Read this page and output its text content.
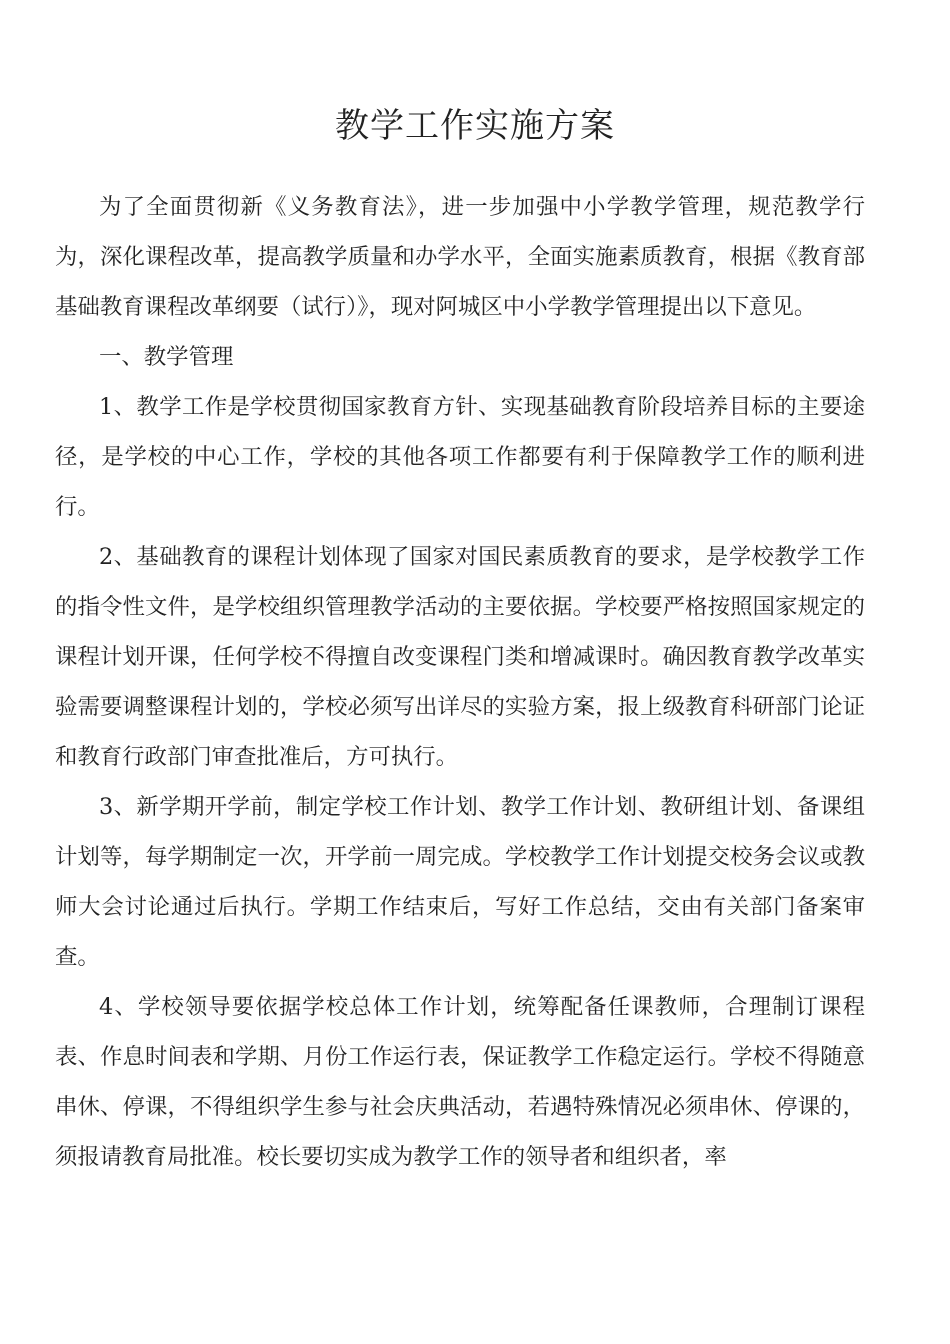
教学工作实施方案

为了全面贯彻新《义务教育法》，进一步加强中小学教学管理，规范教学行为，深化课程改革，提高教学质量和办学水平，全面实施素质教育，根据《教育部基础教育课程改革纲要（试行）》，现对阿城区中小学教学管理提出以下意见。

一、教学管理

1、教学工作是学校贯彻国家教育方针、实现基础教育阶段培养目标的主要途径，是学校的中心工作，学校的其他各项工作都要有利于保障教学工作的顺利进行。

2、基础教育的课程计划体现了国家对国民素质教育的要求，是学校教学工作的指令性文件，是学校组织管理教学活动的主要依据。学校要严格按照国家规定的课程计划开课，任何学校不得擅自改变课程门类和增减课时。确因教育教学改革实验需要调整课程计划的，学校必须写出详尽的实验方案，报上级教育科研部门论证和教育行政部门审查批准后，方可执行。

3、新学期开学前，制定学校工作计划、教学工作计划、教研组计划、备课组计划等，每学期制定一次，开学前一周完成。学校教学工作计划提交校务会议或教师大会讨论通过后执行。学期工作结束后，写好工作总结，交由有关部门备案审查。

4、学校领导要依据学校总体工作计划，统筹配备任课教师，合理制订课程表、作息时间表和学期、月份工作运行表，保证教学工作稳定运行。学校不得随意串休、停课，不得组织学生参与社会庆典活动，若遇特殊情况必须串休、停课的，须报请教育局批准。校长要切实成为教学工作的领导者和组织者，率
